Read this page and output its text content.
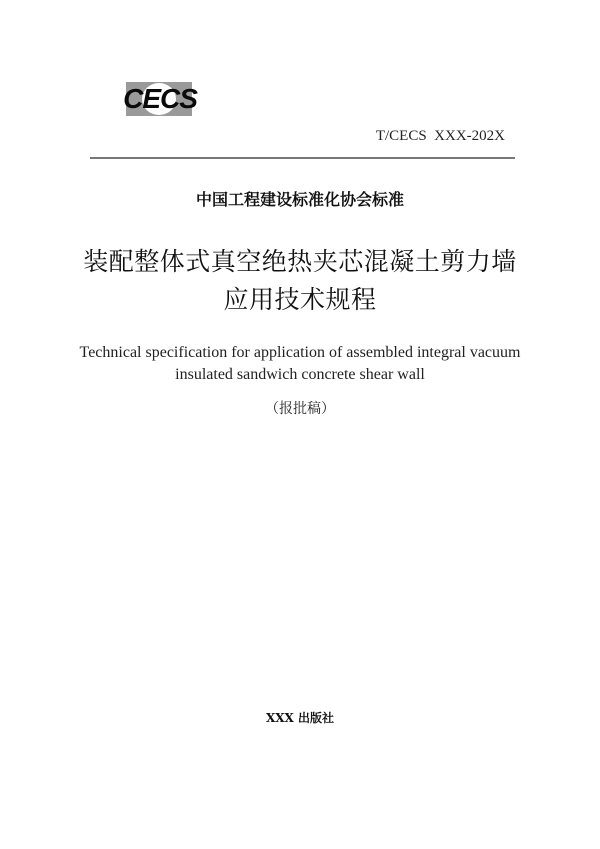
CECS
T/CECS  XXX-202X
中国工程建设标准化协会标准
装配整体式真空绝热夹芯混凝土剪力墙
应用技术规程
Technical specification for application of assembled integral vacuum
insulated sandwich concrete shear wall
（报批稿）
XXX 出版社
